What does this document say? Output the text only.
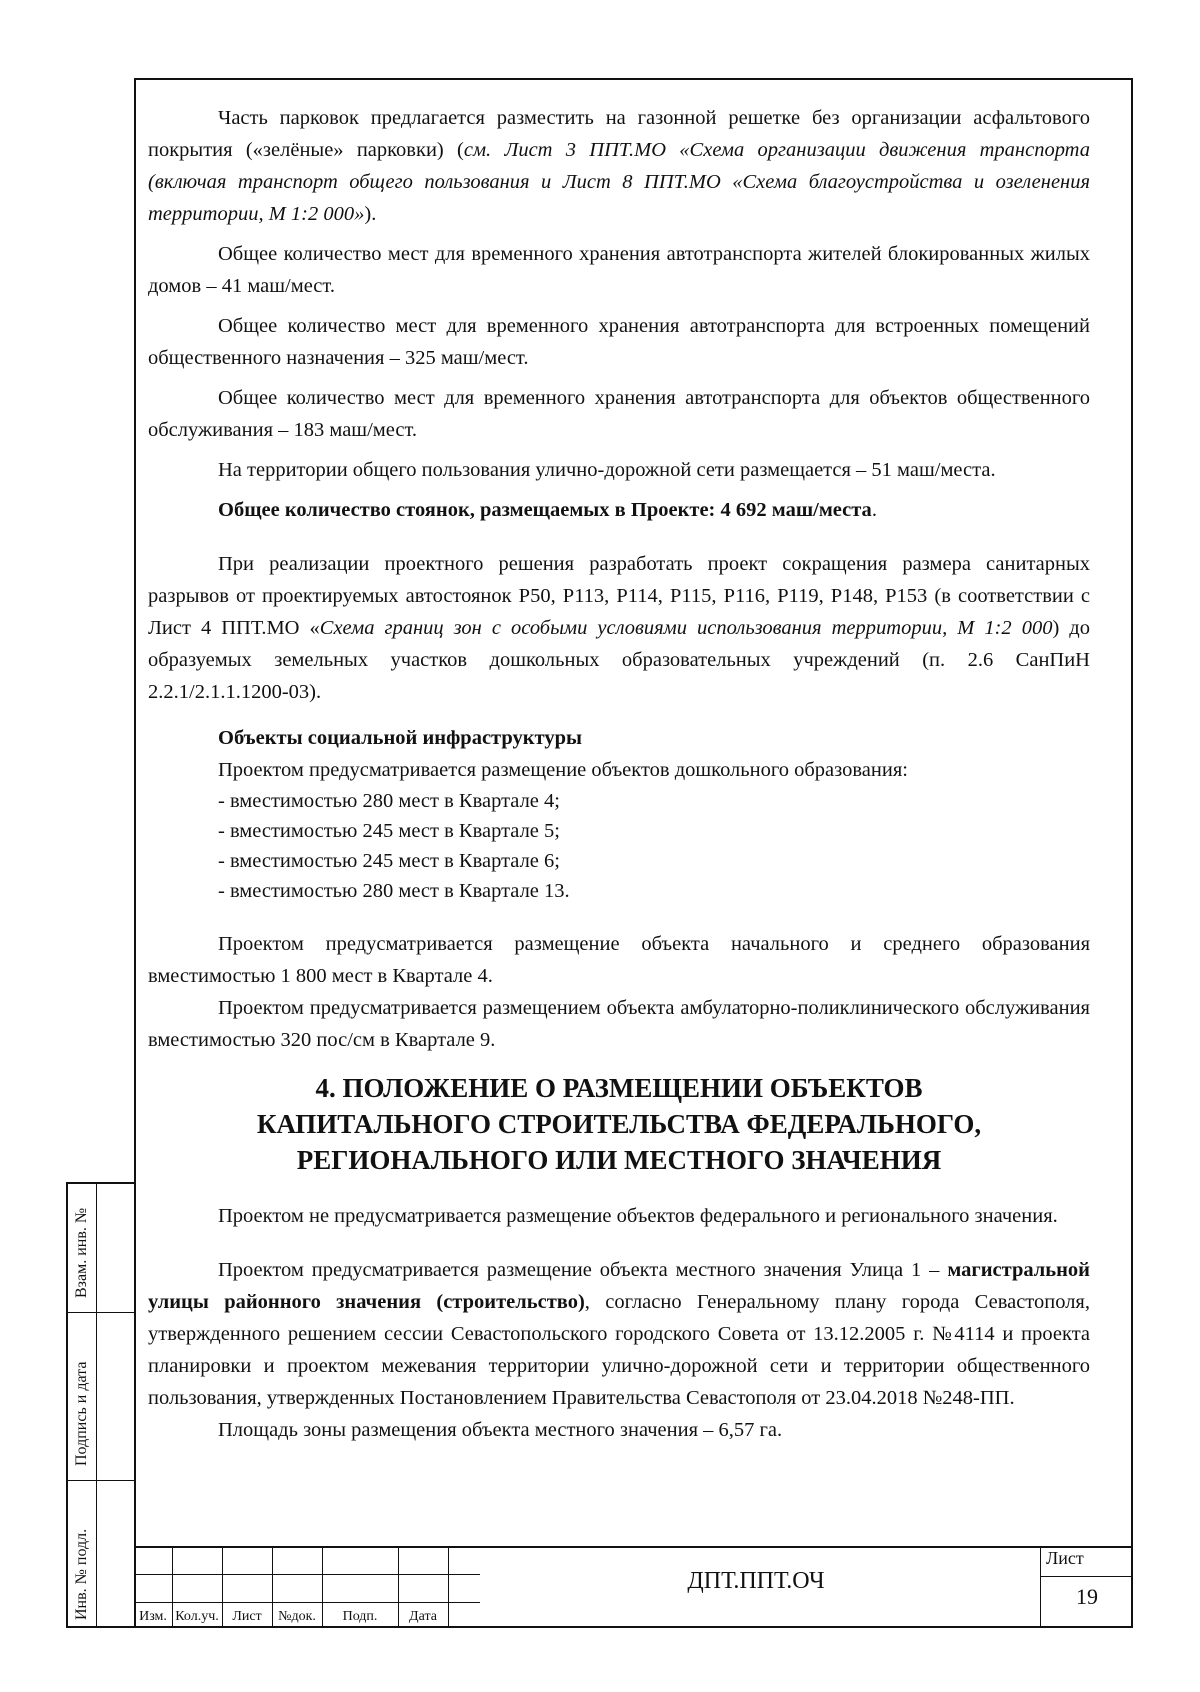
Часть парковок предлагается разместить на газонной решетке без организации асфальтового покрытия («зелёные» парковки) (см. Лист 3 ППТ.МО «Схема организации движения транспорта (включая транспорт общего пользования и Лист 8 ППТ.МО «Схема благоустройства и озеленения территории, М 1:2 000»).

Общее количество мест для временного хранения автотранспорта жителей блокированных жилых домов – 41 маш/мест.

Общее количество мест для временного хранения автотранспорта для встроенных помещений общественного назначения – 325 маш/мест.

Общее количество мест для временного хранения автотранспорта для объектов общественного обслуживания – 183 маш/мест.

На территории общего пользования улично-дорожной сети размещается – 51 маш/места.

Общее количество стоянок, размещаемых в Проекте: 4 692 маш/места.

При реализации проектного решения разработать проект сокращения размера санитарных разрывов от проектируемых автостоянок Р50, Р113, Р114, Р115, Р116, Р119, Р148, Р153 (в соответствии с Лист 4 ППТ.МО «Схема границ зон с особыми условиями использования территории, М 1:2 000) до образуемых земельных участков дошкольных образовательных учреждений (п. 2.6 СанПиН 2.2.1/2.1.1.1200-03).

Объекты социальной инфраструктуры

Проектом предусматривается размещение объектов дошкольного образования:

- вместимостью 280 мест в Квартале 4;
- вместимостью 245 мест в Квартале 5;
- вместимостью 245 мест в Квартале 6;
- вместимостью 280 мест в Квартале 13.

Проектом предусматривается размещение объекта начального и среднего образования вместимостью 1 800 мест в Квартале 4.

Проектом предусматривается размещением объекта амбулаторно-поликлинического обслуживания вместимостью 320 пос/см в Квартале 9.

4. ПОЛОЖЕНИЕ О РАЗМЕЩЕНИИ ОБЪЕКТОВ
КАПИТАЛЬНОГО СТРОИТЕЛЬСТВА ФЕДЕРАЛЬНОГО,
РЕГИОНАЛЬНОГО ИЛИ МЕСТНОГО ЗНАЧЕНИЯ

Проектом не предусматривается размещение объектов федерального и регионального значения.

Проектом предусматривается размещение объекта местного значения Улица 1 – магистральной улицы районного значения (строительство), согласно Генеральному плану города Севастополя, утвержденного решением сессии Севастопольского городского Совета от 13.12.2005 г. №4114 и проекта планировки и проектом межевания территории улично-дорожной сети и территории общественного пользования, утвержденных Постановлением Правительства Севастополя от 23.04.2018 №248-ПП.

Площадь зоны размещения объекта местного значения – 6,57 га.

Взам. инв. №
Подпись и дата
Инв. № подл.	Изм. Кол.уч. Лист	№док.	Подп.	Дата
ДПТ.ППТ.ОЧ
Лист
19
